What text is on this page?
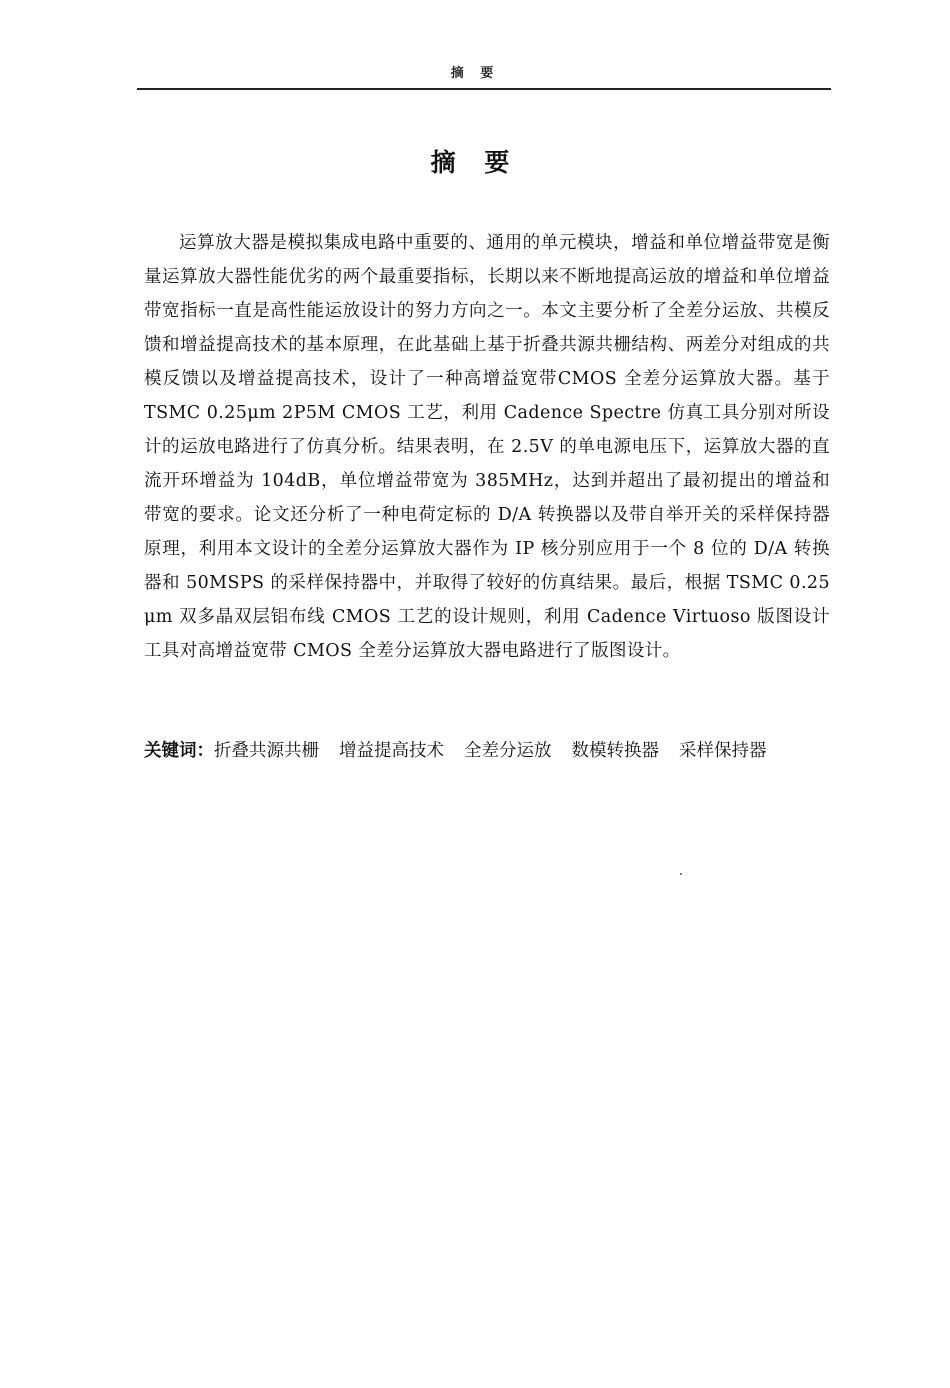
摘 要
摘 要

运算放大器是模拟集成电路中重要的、通用的单元模块，增益和单位增益带宽是衡量运算放大器性能优劣的两个最重要指标，长期以来不断地提高运放的增益和单位增益带宽指标一直是高性能运放设计的努力方向之一。本文主要分析了全差分运放、共模反馈和增益提高技术的基本原理，在此基础上基于折叠共源共栅结构、两差分对组成的共模反馈以及增益提高技术，设计了一种高增益宽带CMOS 全差分运算放大器。基于 TSMC 0.25μm 2P5M CMOS 工艺，利用 Cadence Spectre 仿真工具分别对所设计的运放电路进行了仿真分析。结果表明，在 2.5V 的单电源电压下，运算放大器的直流开环增益为 104dB，单位增益带宽为 385MHz，达到并超出了最初提出的增益和带宽的要求。论文还分析了一种电荷定标的 D/A 转换器以及带自举开关的采样保持器原理，利用本文设计的全差分运算放大器作为 IP 核分别应用于一个 8 位的 D/A 转换器和 50MSPS 的采样保持器中，并取得了较好的仿真结果。最后，根据 TSMC 0.25 μm 双多晶双层铝布线 CMOS 工艺的设计规则，利用 Cadence Virtuoso 版图设计工具对高增益宽带 CMOS 全差分运算放大器电路进行了版图设计。

关键词：折叠共源共栅 增益提高技术 全差分运放 数模转换器 采样保持器
